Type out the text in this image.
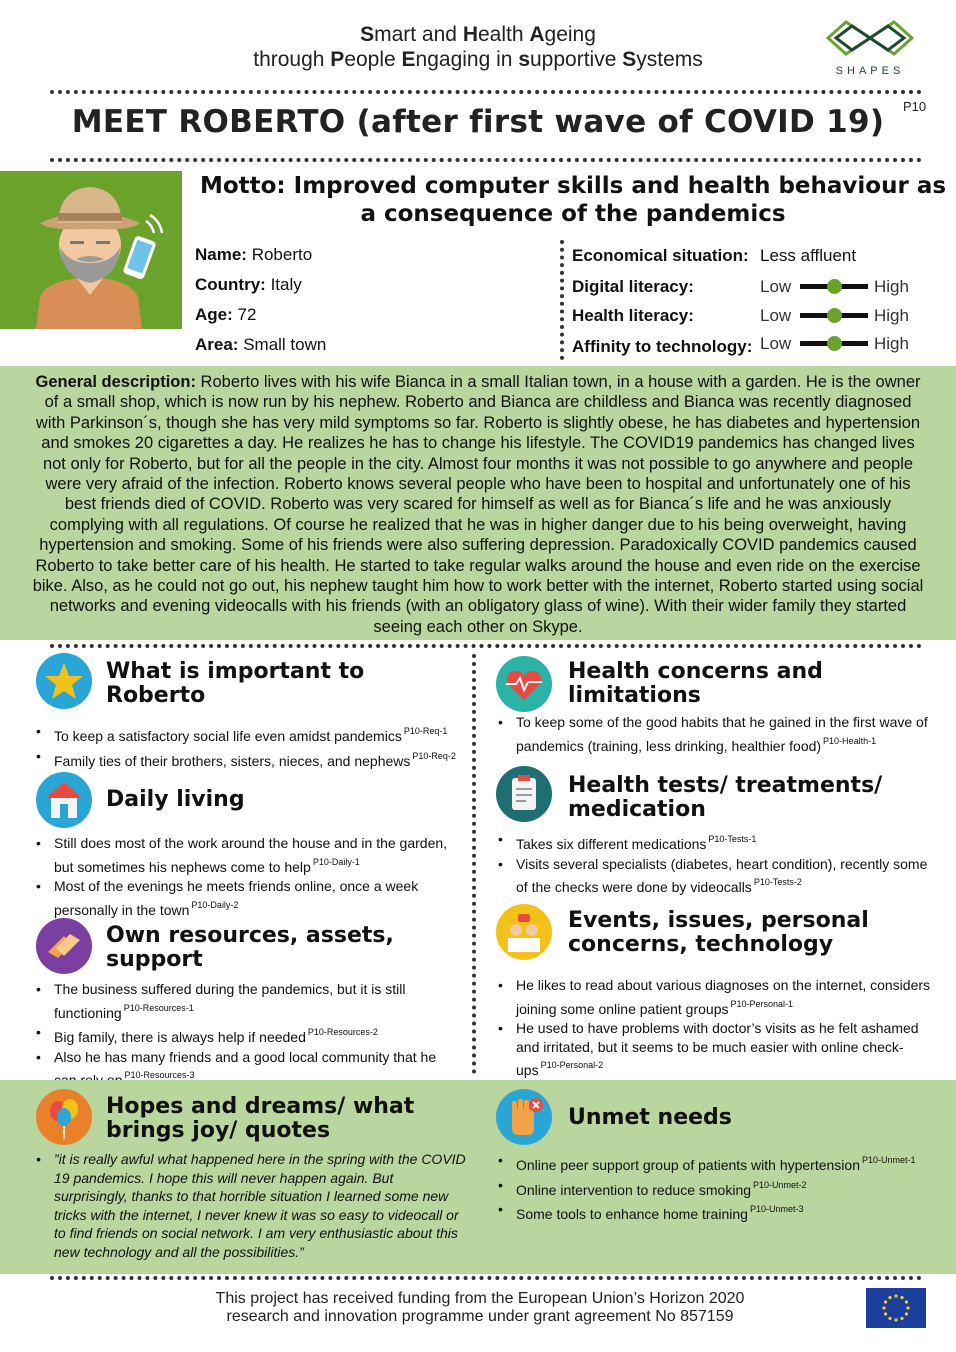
Smart and Health Ageing
through People Engaging in supportive Systems	SHAPES
MEET ROBERTO (after first wave of COVID 19)	P10
Motto: Improved computer skills and health behaviour as a consequence of the pandemics
Name: Roberto
Country: Italy
Age: 72
Area: Small town
Economical situation: Less affluent
Digital literacy:	Low	High
Health literacy:	Low	High
Affinity to technology: Low	High
General description: Roberto lives with his wife Bianca in a small Italian town, in a house with a garden. He is the owner of a small shop, which is now run by his nephew. Roberto and Bianca are childless and Bianca was recently diagnosed with Parkinson´s, though she has very mild symptoms so far. Roberto is slightly obese, he has diabetes and hypertension and smokes 20 cigarettes a day. He realizes he has to change his lifestyle. The COVID19 pandemics has changed lives not only for Roberto, but for all the people in the city. Almost four months it was not possible to go anywhere and people were very afraid of the infection. Roberto knows several people who have been to hospital and unfortunately one of his best friends died of COVID. Roberto was very scared for himself as well as for Bianca´s life and he was anxiously complying with all regulations. Of course he realized that he was in higher danger due to his being overweight, having hypertension and smoking. Some of his friends were also suffering depression. Paradoxically COVID pandemics caused Roberto to take better care of his health. He started to take regular walks around the house and even ride on the exercise bike. Also, as he could not go out, his nephew taught him how to work better with the internet, Roberto started using social networks and evening videocalls with his friends (with an obligatory glass of wine). With their wider family they started seeing each other on Skype.
What is important to Roberto
• To keep a satisfactory social life even amidst pandemics $^{P10-Req-1}$
• Family ties of their brothers, sisters, nieces, and nephews $^{P10-Req-2}$
Daily living
• Still does most of the work around the house and in the garden, but sometimes his nephews come to help $^{P10-Daily-1}$
• Most of the evenings he meets friends online, once a week personally in the town $^{P10-Daily-2}$
Own resources, assets, support
• The business suffered during the pandemics, but it is still functioning $^{P10-Resources-1}$
• Big family, there is always help if needed $^{P10-Resources-2}$
• Also he has many friends and a good local community that he $^{P10-Resources-3}$
Health concerns and limitations
• To keep some of the good habits that he gained in the first wave of pandemics (training, less drinking, healthier food) $^{P10-Health-1}$
Health tests/ treatments/ medication
• Takes six different medications $^{P10-Tests-1}$
• Visits several specialists (diabetes, heart condition), recently some of the checks were done by videocalls $^{P10-Tests-2}$
Events, issues, personal concerns, technology
• He likes to read about various diagnoses on the internet, considers joining some online patient groups $^{P10-Personal-1}$
• He used to have problems with doctor’s visits as he felt ashamed and irritated, but it seems to be much easier with online check-ups $^{P10-Personal-2}$
Hopes and dreams/ what brings joy/ quotes
• ”it is really awful what happened here in the spring with the COVID 19 pandemics. I hope this will never happen again. But surprisingly, thanks to that horrible situation I learned some new tricks with the internet, I never knew it was so easy to videocall or to find friends on social network. I am very enthusiastic about this new technology and all the possibilities.”
Unmet needs
• Online peer support group of patients with hypertension $^{P10-Unmet-1}$
• Online intervention to reduce smoking $^{P10-Unmet-2}$
• Some tools to enhance home training $^{P10-Unmet-3}$
This project has received funding from the European Union’s Horizon 2020
research and innovation programme under grant agreement No 857159
